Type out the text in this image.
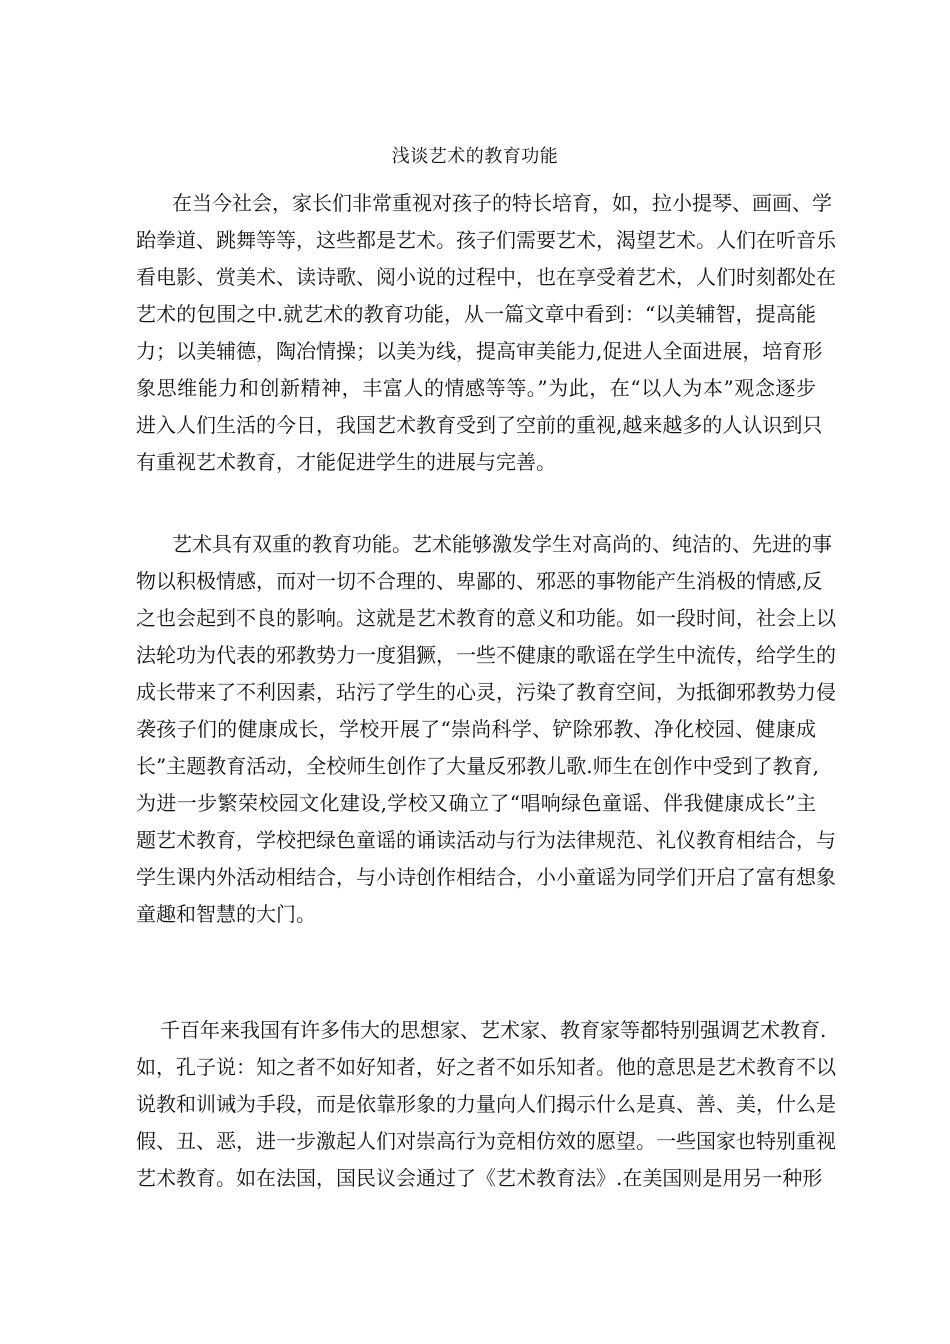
浅谈艺术的教育功能

在当今社会，家长们非常重视对孩子的特长培育，如，拉小提琴、画画、学
跆拳道、跳舞等等，这些都是艺术。孩子们需要艺术，渴望艺术。人们在听音乐
看电影、赏美术、读诗歌、阅小说的过程中，也在享受着艺术，人们时刻都处在
艺术的包围之中.就艺术的教育功能，从一篇文章中看到：“以美辅智，提高能
力；以美辅德，陶冶情操；以美为线，提高审美能力,促进人全面进展，培育形
象思维能力和创新精神，丰富人的情感等等。”为此，在“以人为本”观念逐步
进入人们生活的今日，我国艺术教育受到了空前的重视,越来越多的人认识到只
有重视艺术教育，才能促进学生的进展与完善。

艺术具有双重的教育功能。艺术能够激发学生对高尚的、纯洁的、先进的事
物以积极情感，而对一切不合理的、卑鄙的、邪恶的事物能产生消极的情感,反
之也会起到不良的影响。这就是艺术教育的意义和功能。如一段时间，社会上以
法轮功为代表的邪教势力一度猖獗，一些不健康的歌谣在学生中流传，给学生的
成长带来了不利因素，玷污了学生的心灵，污染了教育空间，为抵御邪教势力侵
袭孩子们的健康成长，学校开展了“崇尚科学、铲除邪教、净化校园、健康成
长”主题教育活动，全校师生创作了大量反邪教儿歌.师生在创作中受到了教育,
为进一步繁荣校园文化建设,学校又确立了“唱响绿色童谣、伴我健康成长”主
题艺术教育，学校把绿色童谣的诵读活动与行为法律规范、礼仪教育相结合，与
学生课内外活动相结合，与小诗创作相结合，小小童谣为同学们开启了富有想象
童趣和智慧的大门。

千百年来我国有许多伟大的思想家、艺术家、教育家等都特别强调艺术教育.
如，孔子说：知之者不如好知者，好之者不如乐知者。他的意思是艺术教育不以
说教和训诫为手段，而是依靠形象的力量向人们揭示什么是真、善、美，什么是
假、丑、恶，进一步激起人们对崇高行为竞相仿效的愿望。一些国家也特别重视
艺术教育。如在法国，国民议会通过了《艺术教育法》.在美国则是用另一种形
